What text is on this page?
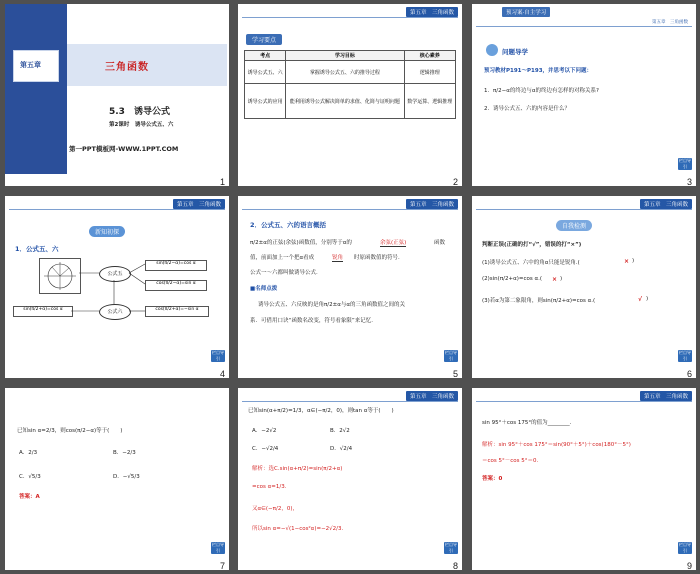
第五章	三角函数
5.3　诱导公式
第2课时　诱导公式五、六
第一PPT模板网-WWW.1PPT.COM
1
第五章　三角函数
学习要点
考点	学习目标	核心素养
诱导公式五、六	掌握诱导公式五、六的推导过程	逻辑推理
诱导公式的应用	能利用诱导公式解决简单的求值、化简与证明问题	数学运算、逻辑推理
2
预习案·自主学习
第五章　三角函数
问题导学
预习教材P191～P193，并思考以下问题：
1．π/2−α的终边与α的终边有怎样的对称关系?
2．诱导公式五、六的内容是什么？
栏目导引
3
第五章　三角函数
新知初探
1．公式五、六
公式五
公式六
sin(π/2−α)=cos α
cos(π/2−α)=sin α
sin(π/2+α)=cos α	cos(π/2+α)=−sin α
栏目导引
4
第五章　三角函数
2．公式五、六的语言概括
π/2±α的正弦(余弦)函数值，分别等于α的	余弦(正弦)	函数
值，前面加上一个把α看成	锐角 时原函数值的符号.
公式一～六都叫做诱导公式.
■名师点拨
诱导公式五、六反映的是角π/2±α与α的三角函数值之间的关
系．可借用口诀“函数名改变，符号看象限”来记忆.
栏目导引
5
第五章　三角函数
自我检测
判断正误(正确的打“√”，错误的打“×”)
(1)诱导公式五、六中的角α只能是锐角.(	× )
(2)sin(π/2+α)=cos α.( × )
(3)若α为第二象限角，则sin(π/2+α)=cos α.(	√ )
栏目导引
6
已知sin α=2/3，则cos(π/2−α)等于(　　)
A．2/3	B．−2/3
C．√5/3	D．−√5/3
答案：A
栏目导引
7
第五章　三角函数
已知sin(α+π/2)=1/3，α∈(−π/2，0)，则tan α等于(　　)
A．−2√2	B．2√2
C．−√2/4	D．√2/4
解析：选C.sin(α+π/2)=sin(π/2+α)
=cos α=1/3.
又α∈(−π/2，0)，
所以sin α=−√(1−cos²α)=−2√2/3.
栏目导引
8
第五章　三角函数
sin 95°＋cos 175°的值为________．
解析：sin 95°＋cos 175°＝sin(90°＋5°)＋cos(180°－5°)
＝cos 5°－cos 5°＝0.
答案：0
栏目导引
9
